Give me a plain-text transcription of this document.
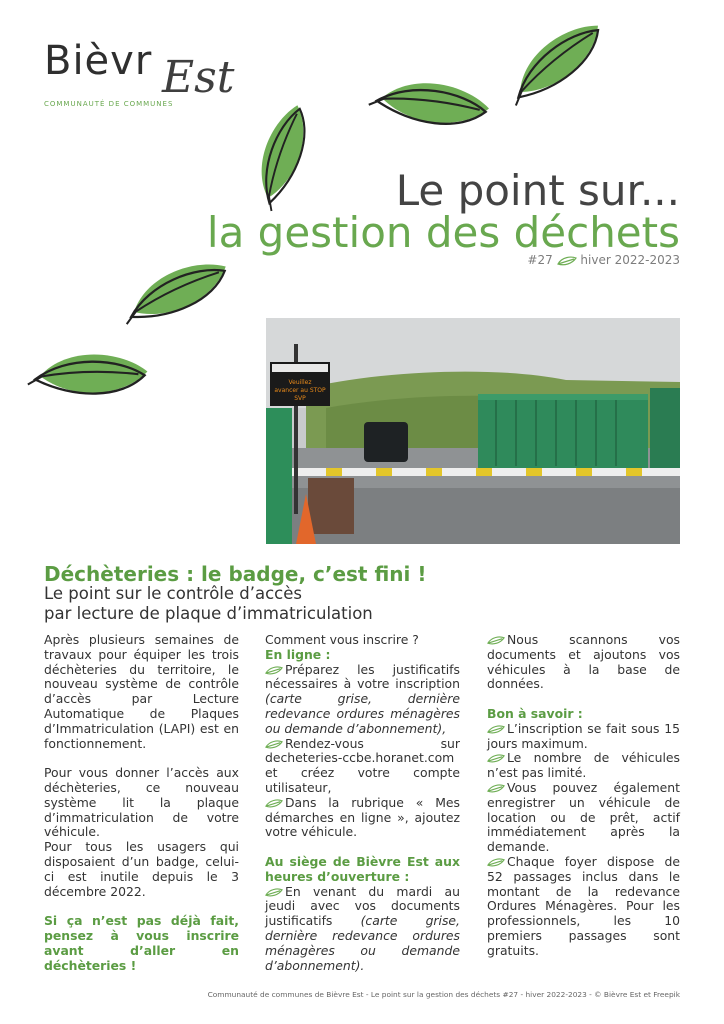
Bièvr Est
COMMUNAUTÉ DE COMMUNES
Le point sur...
la gestion des déchets
#27 hiver 2022-2023
Veuillez
avancer au STOP
SVP
Déchèteries : le badge, c’est fini !
Le point sur le contrôle d’accès
par lecture de plaque d’immatriculation

Après plusieurs semaines de travaux pour équiper les trois déchèteries du territoire, le nouveau système de contrôle d’accès par Lecture Automatique de Plaques d’Immatriculation (LAPI) est en fonctionnement.

Pour vous donner l’accès aux déchèteries, ce nouveau système lit la plaque d’immatriculation de votre véhicule.

Pour tous les usagers qui disposaient d’un badge, celui-ci est inutile depuis le 3 décembre 2022.

Si ça n’est pas déjà fait, pensez à vous inscrire avant d’aller en déchèteries !

Comment vous inscrire ?

En ligne :

Préparez les justificatifs nécessaires à votre inscription (carte grise, dernière redevance ordures ménagères ou demande d’abonnement),

Rendez-vous sur decheteries-ccbe.horanet.com et créez votre compte utilisateur,

Dans la rubrique « Mes démarches en ligne », ajoutez votre véhicule.

Au siège de Bièvre Est aux heures d’ouverture :

En venant du mardi au jeudi avec vos documents justificatifs (carte grise, dernière redevance ordures ménagères ou demande d’abonnement).

Nous scannons vos documents et ajoutons vos véhicules à la base de données.

Bon à savoir :

L’inscription se fait sous 15 jours maximum.

Le nombre de véhicules n’est pas limité.

Vous pouvez également enregistrer un véhicule de location ou de prêt, actif immédiatement après la demande.

Chaque foyer dispose de 52 passages inclus dans le montant de la redevance Ordures Ménagères. Pour les professionnels, les 10 premiers passages sont gratuits.

Communauté de communes de Bièvre Est - Le point sur la gestion des déchets #27 - hiver 2022-2023 - © Bièvre Est et Freepik
